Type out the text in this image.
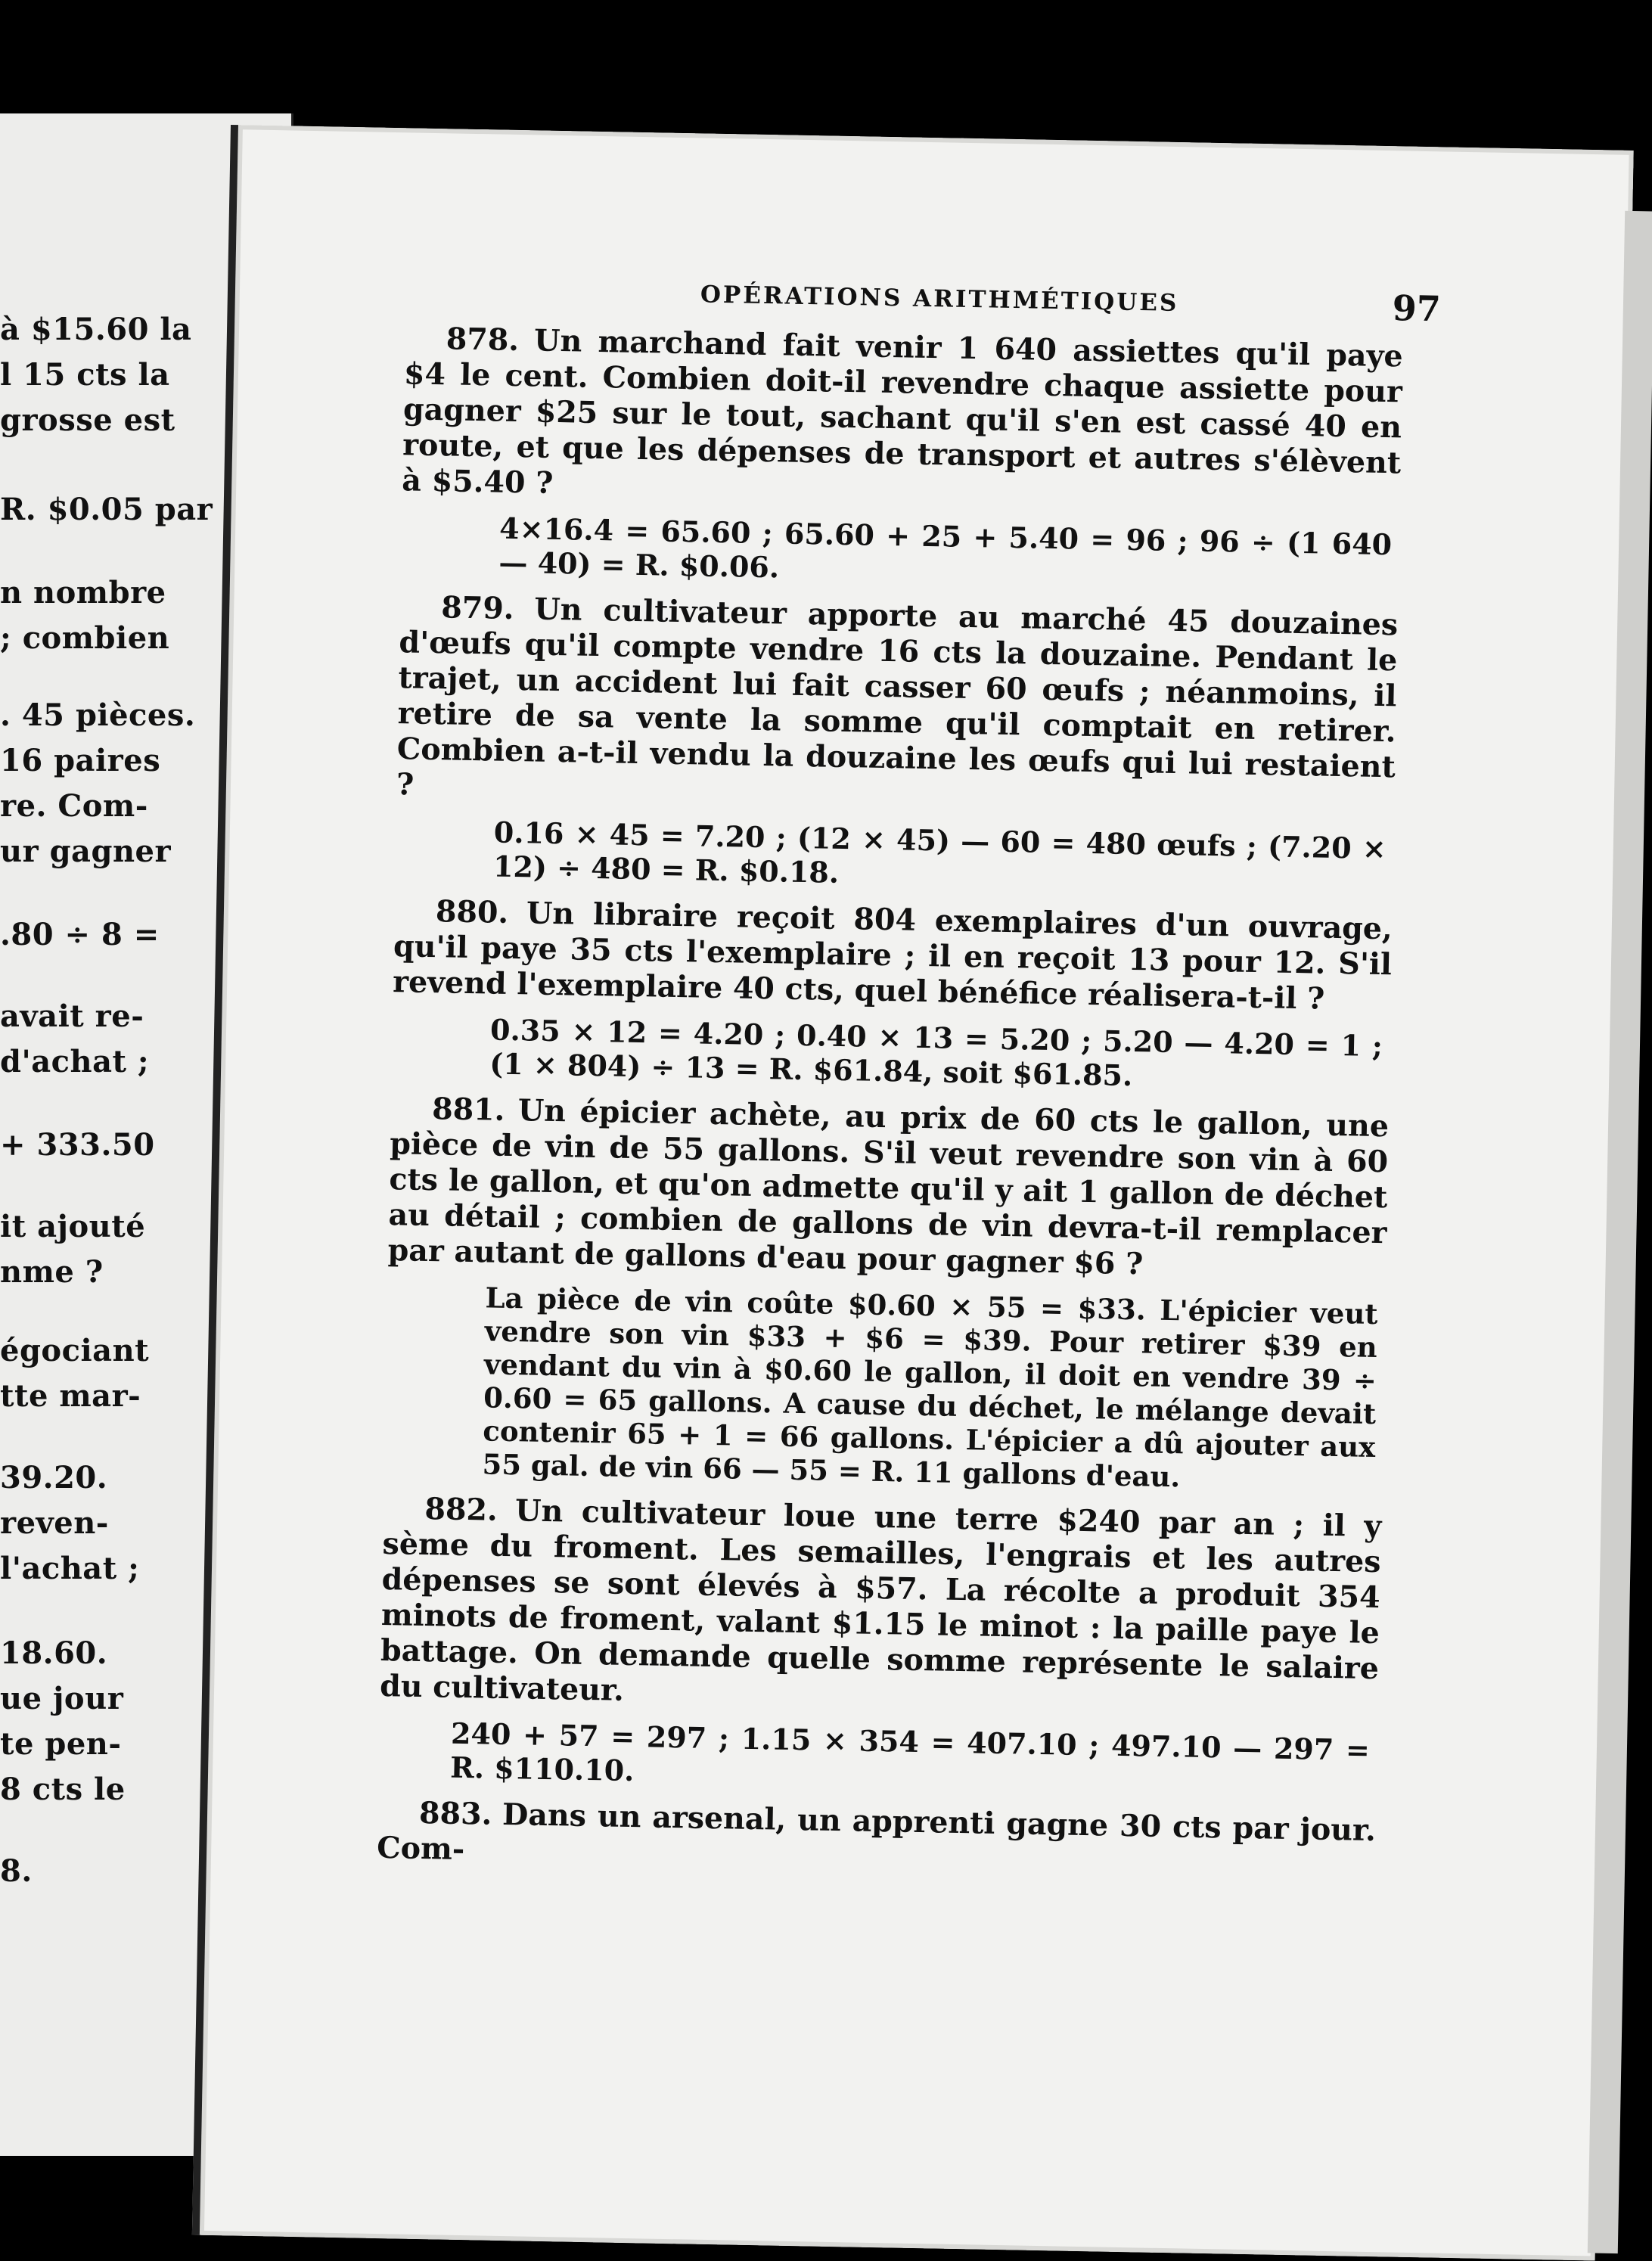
à $15.60 la
l 15 cts la
grosse est
R. $0.05 par
n nombre
; combien
. 45 pièces.
16 paires
re. Com-
ur gagner
.80 ÷ 8 =
avait re-
d'achat ;
+ 333.50
it ajouté
nme ?
égociant
tte mar-
39.20.
reven-
l'achat ;
18.60.
ue jour
te pen-
8 cts le
8.
OPÉRATIONS ARITHMÉTIQUES	97

878. Un marchand fait venir 1 640 assiettes qu'il paye $4 le cent. Combien doit-il revendre chaque assiette pour gagner $25 sur le tout, sachant qu'il s'en est cassé 40 en route, et que les dépenses de transport et autres s'élèvent à $5.40 ?

4×16.4 = 65.60 ; 65.60 + 25 + 5.40 = 96 ; 96 ÷ (1 640 — 40) = R. $0.06.

879. Un cultivateur apporte au marché 45 douzaines d'œufs qu'il compte vendre 16 cts la douzaine. Pendant le trajet, un accident lui fait casser 60 œufs ; néanmoins, il retire de sa vente la somme qu'il comptait en retirer. Combien a-t-il vendu la douzaine les œufs qui lui restaient ?

0.16 × 45 = 7.20 ; (12 × 45) — 60 = 480 œufs ; (7.20 × 12) ÷ 480 = R. $0.18.

880. Un libraire reçoit 804 exemplaires d'un ouvrage, qu'il paye 35 cts l'exemplaire ; il en reçoit 13 pour 12. S'il revend l'exemplaire 40 cts, quel bénéfice réalisera-t-il ?

0.35 × 12 = 4.20 ; 0.40 × 13 = 5.20 ; 5.20 — 4.20 = 1 ; (1 × 804) ÷ 13 = R. $61.84, soit $61.85.

881. Un épicier achète, au prix de 60 cts le gallon, une pièce de vin de 55 gallons. S'il veut revendre son vin à 60 cts le gallon, et qu'on admette qu'il y ait 1 gallon de déchet au détail ; combien de gallons de vin devra-t-il remplacer par autant de gallons d'eau pour gagner $6 ?

La pièce de vin coûte $0.60 × 55 = $33. L'épicier veut vendre son vin $33 + $6 = $39. Pour retirer $39 en vendant du vin à $0.60 le gallon, il doit en vendre 39 ÷ 0.60 = 65 gallons. A cause du déchet, le mélange devait contenir 65 + 1 = 66 gallons. L'épicier a dû ajouter aux 55 gal. de vin 66 — 55 = R. 11 gallons d'eau.

882. Un cultivateur loue une terre $240 par an ; il y sème du froment. Les semailles, l'engrais et les autres dépenses se sont élevés à $57. La récolte a produit 354 minots de froment, valant $1.15 le minot : la paille paye le battage. On demande quelle somme représente le salaire du cultivateur.

240 + 57 = 297 ; 1.15 × 354 = 407.10 ; 497.10 — 297 = R. $110.10.

883. Dans un arsenal, un apprenti gagne 30 cts par jour. Com-
